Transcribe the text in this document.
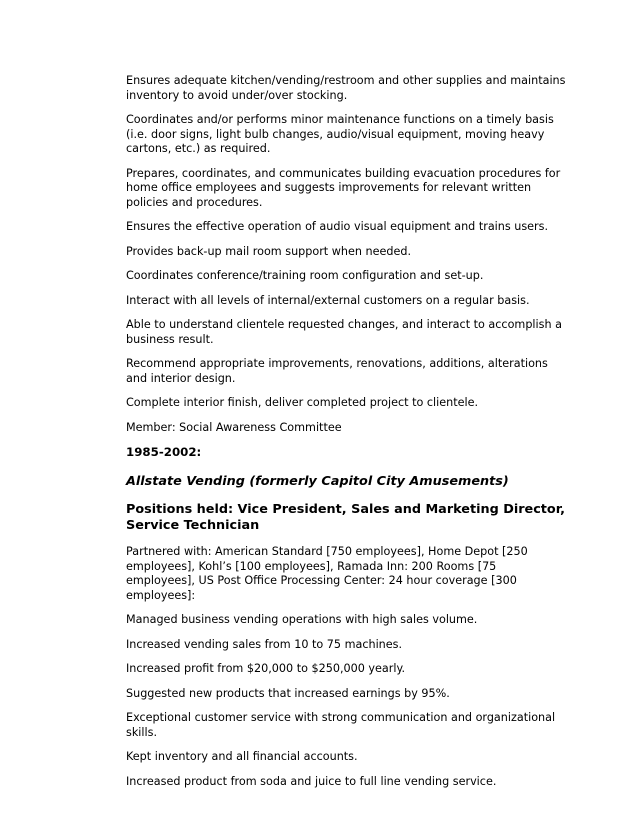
Ensures adequate kitchen/vending/restroom and other supplies and maintains inventory to avoid under/over stocking.

Coordinates and/or performs minor maintenance functions on a timely basis (i.e. door signs, light bulb changes, audio/visual equipment, moving heavy cartons, etc.) as required.

Prepares, coordinates, and communicates building evacuation procedures for home office employees and suggests improvements for relevant written policies and procedures.

Ensures the effective operation of audio visual equipment and trains users.

Provides back-up mail room support when needed.

Coordinates conference/training room configuration and set-up.

Interact with all levels of internal/external customers on a regular basis.

Able to understand clientele requested changes, and interact to accomplish a business result.

Recommend appropriate improvements, renovations, additions, alterations and interior design.

Complete interior finish, deliver completed project to clientele.

Member: Social Awareness Committee

1985-2002:
Allstate Vending (formerly Capitol City Amusements)
Positions held: Vice President, Sales and Marketing Director, Service Technician

Partnered with: American Standard [750 employees], Home Depot [250 employees], Kohl’s [100 employees], Ramada Inn: 200 Rooms [75 employees], US Post Office Processing Center: 24 hour coverage [300 employees]:

Managed business vending operations with high sales volume.

Increased vending sales from 10 to 75 machines.

Increased profit from $20,000 to $250,000 yearly.

Suggested new products that increased earnings by 95%.

Exceptional customer service with strong communication and organizational skills.

Kept inventory and all financial accounts.

Increased product from soda and juice to full line vending service.
